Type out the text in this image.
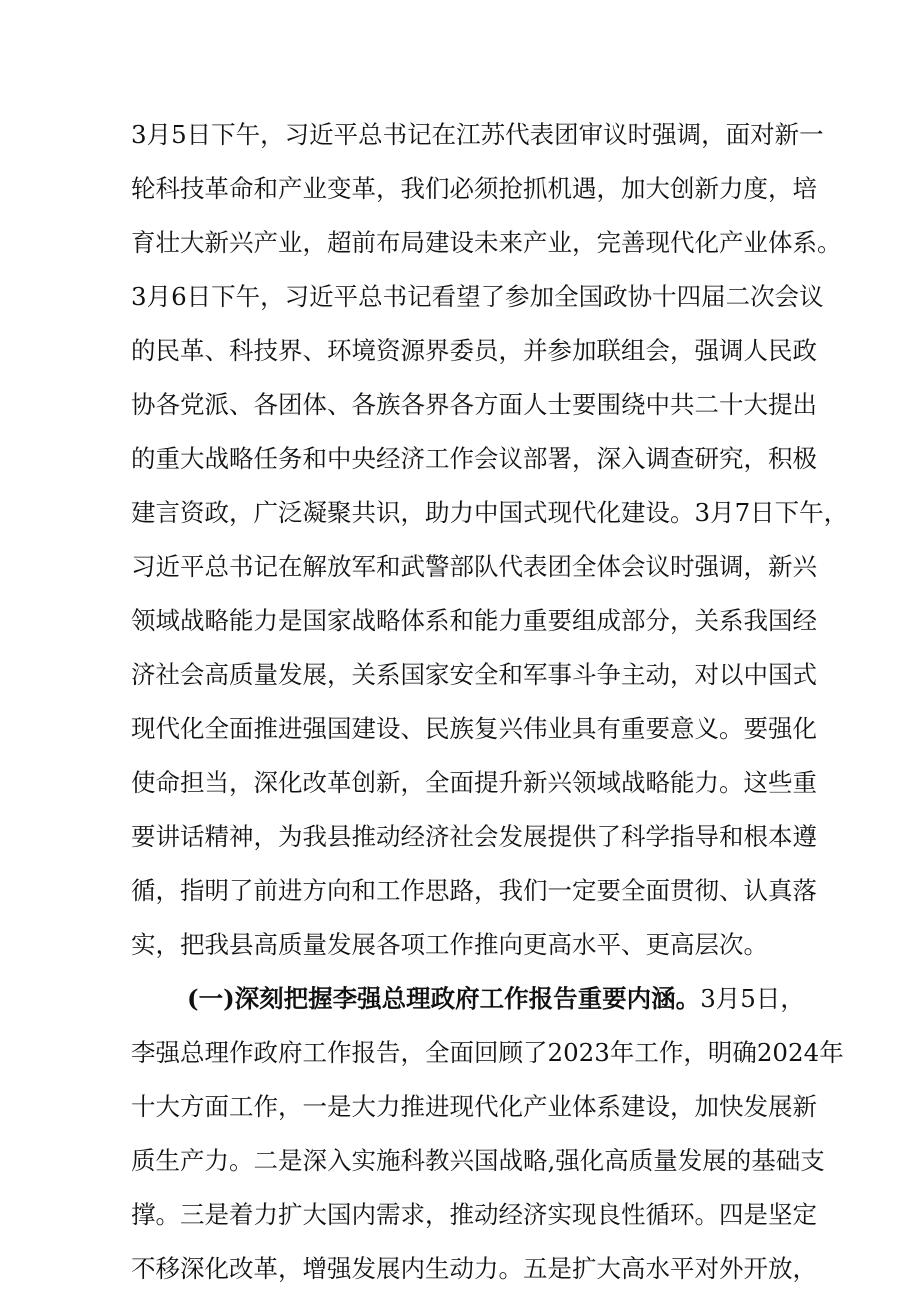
3月5日下午，习近平总书记在江苏代表团审议时强调，面对新一
轮科技革命和产业变革，我们必须抢抓机遇，加大创新力度，培
育壮大新兴产业，超前布局建设未来产业，完善现代化产业体系。
3月6日下午，习近平总书记看望了参加全国政协十四届二次会议
的民革、科技界、环境资源界委员，并参加联组会，强调人民政
协各党派、各团体、各族各界各方面人士要围绕中共二十大提出
的重大战略任务和中央经济工作会议部署，深入调查研究，积极
建言资政，广泛凝聚共识，助力中国式现代化建设。3月7日下午，
习近平总书记在解放军和武警部队代表团全体会议时强调，新兴
领域战略能力是国家战略体系和能力重要组成部分，关系我国经
济社会高质量发展，关系国家安全和军事斗争主动，对以中国式
现代化全面推进强国建设、民族复兴伟业具有重要意义。要强化
使命担当，深化改革创新，全面提升新兴领域战略能力。这些重
要讲话精神，为我县推动经济社会发展提供了科学指导和根本遵
循，指明了前进方向和工作思路，我们一定要全面贯彻、认真落
实，把我县高质量发展各项工作推向更高水平、更高层次。
(一)深刻把握李强总理政府工作报告重要内涵。3月5日，
李强总理作政府工作报告，全面回顾了2023年工作，明确2024年
十大方面工作，一是大力推进现代化产业体系建设，加快发展新
质生产力。二是深入实施科教兴国战略,强化高质量发展的基础支
撑。三是着力扩大国内需求，推动经济实现良性循环。四是坚定
不移深化改革，增强发展内生动力。五是扩大高水平对外开放，
